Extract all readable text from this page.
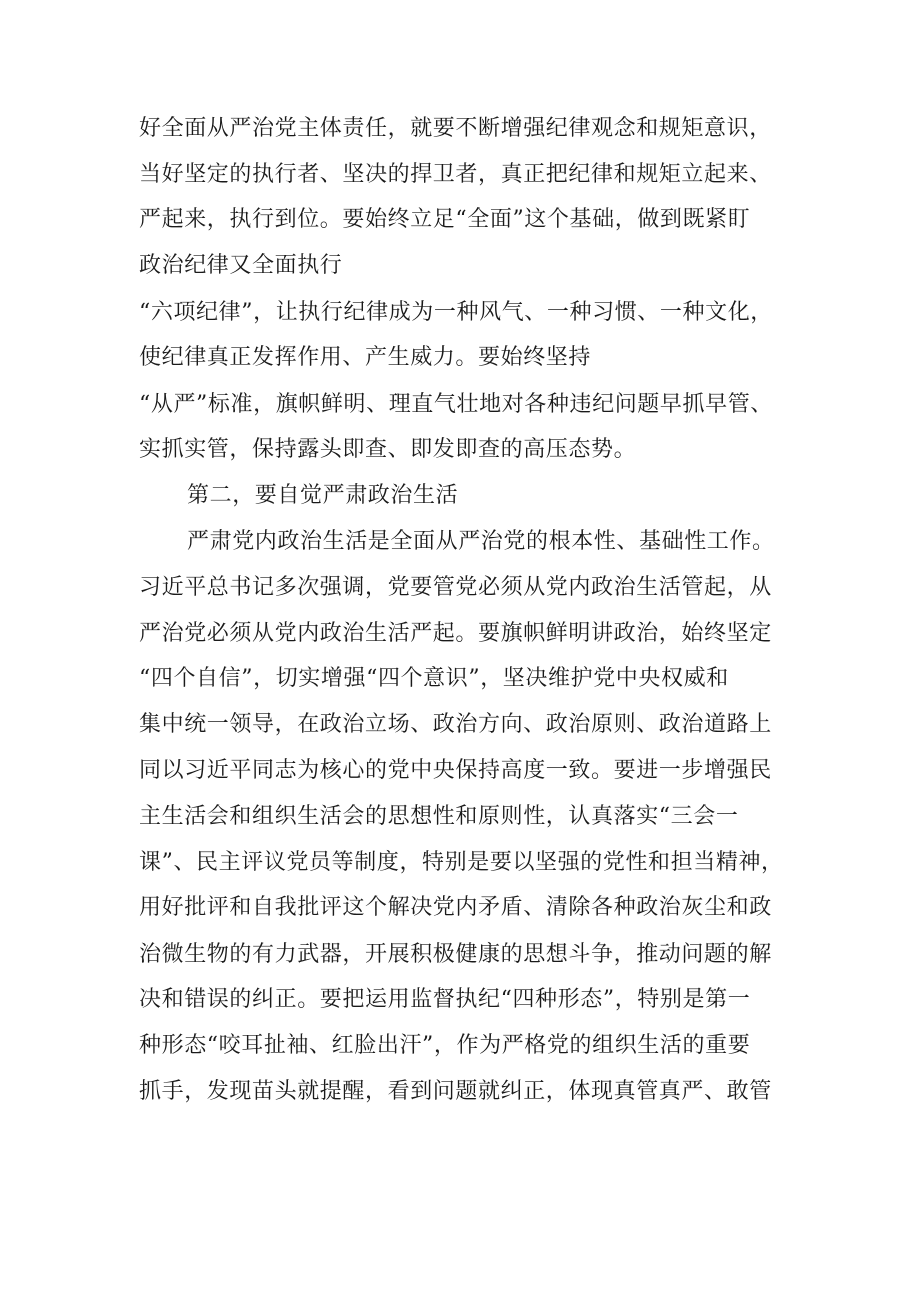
好全面从严治党主体责任，就要不断增强纪律观念和规矩意识，
当好坚定的执行者、坚决的捍卫者，真正把纪律和规矩立起来、
严起来，执行到位。要始终立足“全面”这个基础，做到既紧盯
政治纪律又全面执行
“六项纪律”，让执行纪律成为一种风气、一种习惯、一种文化，
使纪律真正发挥作用、产生威力。要始终坚持
“从严”标准，旗帜鲜明、理直气壮地对各种违纪问题早抓早管、
实抓实管，保持露头即查、即发即查的高压态势。
第二，要自觉严肃政治生活
严肃党内政治生活是全面从严治党的根本性、基础性工作。
习近平总书记多次强调，党要管党必须从党内政治生活管起，从
严治党必须从党内政治生活严起。要旗帜鲜明讲政治，始终坚定
“四个自信”，切实增强“四个意识”，坚决维护党中央权威和
集中统一领导，在政治立场、政治方向、政治原则、政治道路上
同以习近平同志为核心的党中央保持高度一致。要进一步增强民
主生活会和组织生活会的思想性和原则性，认真落实“三会一
课”、民主评议党员等制度，特别是要以坚强的党性和担当精神，
用好批评和自我批评这个解决党内矛盾、清除各种政治灰尘和政
治微生物的有力武器，开展积极健康的思想斗争，推动问题的解
决和错误的纠正。要把运用监督执纪“四种形态”，特别是第一
种形态“咬耳扯袖、红脸出汗”，作为严格党的组织生活的重要
抓手，发现苗头就提醒，看到问题就纠正，体现真管真严、敢管
